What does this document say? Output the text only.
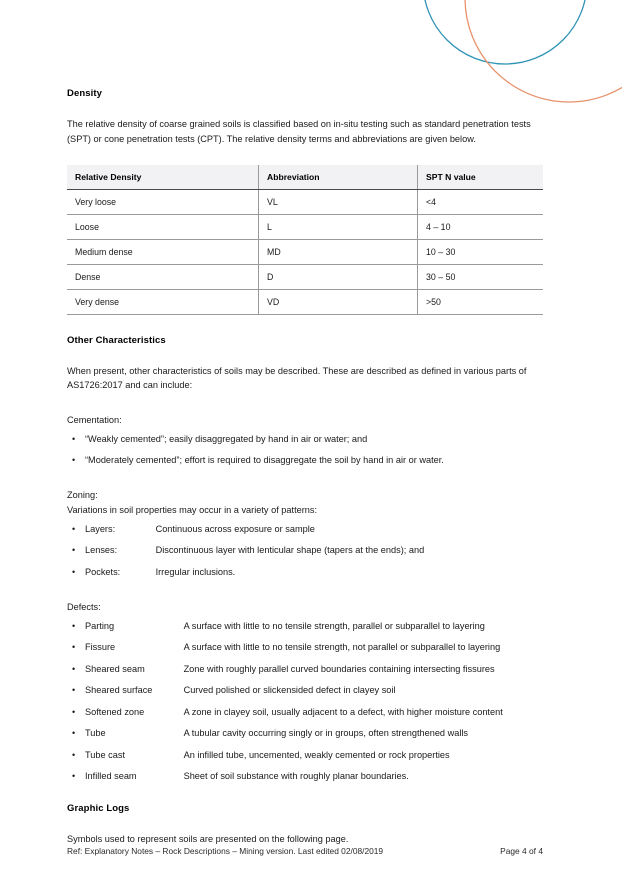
Density

The relative density of coarse grained soils is classified based on in-situ testing such as standard penetration tests (SPT) or cone penetration tests (CPT). The relative density terms and abbreviations are given below.

Relative Density	Abbreviation	SPT N value
Very loose	VL	<4
Loose	L	4 – 10
Medium dense	MD	10 – 30
Dense	D	30 – 50
Very dense	VD	>50
Other Characteristics

When present, other characteristics of soils may be described. These are described as defined in various parts of AS1726:2017 and can include:

Cementation:

• “Weakly cemented”; easily disaggregated by hand in air or water; and
• “Moderately cemented”; effort is required to disaggregate the soil by hand in air or water.

Zoning:

Variations in soil properties may occur in a variety of patterns:

• Layers:	Continuous across exposure or sample
• Lenses:	Discontinuous layer with lenticular shape (tapers at the ends); and
• Pockets:	Irregular inclusions.

Defects:

• Parting	A surface with little to no tensile strength, parallel or subparallel to layering
• Fissure	A surface with little to no tensile strength, not parallel or subparallel to layering
• Sheared seam	Zone with roughly parallel curved boundaries containing intersecting fissures
• Sheared surface	Curved polished or slickensided defect in clayey soil
• Softened zone	A zone in clayey soil, usually adjacent to a defect, with higher moisture content
• Tube	A tubular cavity occurring singly or in groups, often strengthened walls
• Tube cast	An infilled tube, uncemented, weakly cemented or rock properties
• Infilled seam	Sheet of soil substance with roughly planar boundaries.
Graphic Logs

Symbols used to represent soils are presented on the following page.

Ref: Explanatory Notes – Rock Descriptions – Mining version. Last edited 02/08/2019	Page 4 of 4
